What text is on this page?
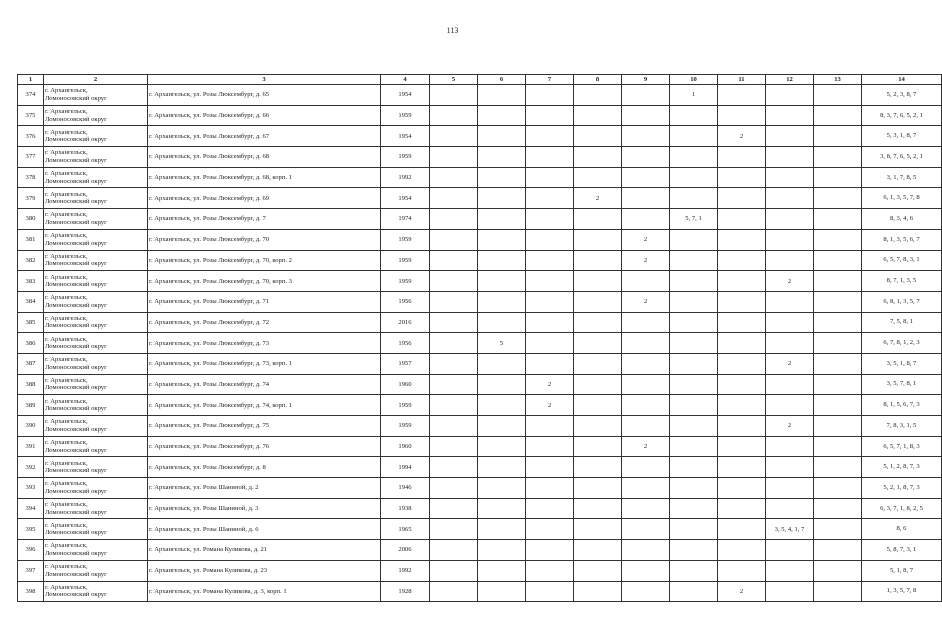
113
1	2	3	4	5	6	7	8	9	10	11	12	13	14
374	г. Архангельск,
Ломоносовский округ	г. Архангельск, ул. Розы Люксембург, д. 65	1954						1				5, 2, 3, 8, 7
375	г. Архангельск,
Ломоносовский округ	г. Архангельск, ул. Розы Люксембург, д. 66	1959										8, 3, 7, 6, 5, 2, 1
376	г. Архангельск,
Ломоносовский округ	г. Архангельск, ул. Розы Люксембург, д. 67	1954							2			5, 3, 1, 8, 7
377	г. Архангельск,
Ломоносовский округ	г. Архангельск, ул. Розы Люксембург, д. 68	1959										3, 8, 7, 6, 5, 2, 1
378	г. Архангельск,
Ломоносовский округ	г. Архангельск, ул. Розы Люксембург, д. 68, корп. 1	1992										3, 1, 7, 8, 5
379	г. Архангельск,
Ломоносовский округ	г. Архангельск, ул. Розы Люксембург, д. 69	1954				2						6, 1, 3, 5, 7, 8
380	г. Архангельск,
Ломоносовский округ	г. Архангельск, ул. Розы Люксембург, д. 7	1974						5, 7, 1				8, 3, 4, 6
381	г. Архангельск,
Ломоносовский округ	г. Архангельск, ул. Розы Люксембург, д. 70	1959					2					8, 1, 3, 5, 6, 7
382	г. Архангельск,
Ломоносовский округ	г. Архангельск, ул. Розы Люксембург, д. 70, корп. 2	1959					2					6, 5, 7, 8, 3, 1
383	г. Архангельск,
Ломоносовский округ	г. Архангельск, ул. Розы Люксембург, д. 70, корп. 3	1959								2		8, 7, 1, 3, 5
384	г. Архангельск,
Ломоносовский округ	г. Архангельск, ул. Розы Люксембург, д. 71	1956					2					6, 8, 1, 3, 5, 7
385	г. Архангельск,
Ломоносовский округ	г. Архангельск, ул. Розы Люксембург, д. 72	2016										7, 5, 8, 1
386	г. Архангельск,
Ломоносовский округ	г. Архангельск, ул. Розы Люксембург, д. 73	1956		5								6, 7, 8, 1, 2, 3
387	г. Архангельск,
Ломоносовский округ	г. Архангельск, ул. Розы Люксембург, д. 73, корп. 1	1957								2		3, 5, 1, 8, 7
388	г. Архангельск,
Ломоносовский округ	г. Архангельск, ул. Розы Люксембург, д. 74	1960			2							3, 5, 7, 8, 1
389	г. Архангельск,
Ломоносовский округ	г. Архангельск, ул. Розы Люксембург, д. 74, корп. 1	1959			2							8, 1, 5, 6, 7, 3
390	г. Архангельск,
Ломоносовский округ	г. Архангельск, ул. Розы Люксембург, д. 75	1959								2		7, 8, 3, 1, 5
391	г. Архангельск,
Ломоносовский округ	г. Архангельск, ул. Розы Люксембург, д. 76	1960					2					6, 5, 7, 1, 8, 3
392	г. Архангельск,
Ломоносовский округ	г. Архангельск, ул. Розы Люксембург, д. 8	1994										5, 1, 2, 8, 7, 3
393	г. Архангельск,
Ломоносовский округ	г. Архангельск, ул. Розы Шаниной, д. 2	1946										5, 2, 1, 8, 7, 3
394	г. Архангельск,
Ломоносовский округ	г. Архангельск, ул. Розы Шаниной, д. 3	1938										6, 3, 7, 1, 8, 2, 5
395	г. Архангельск,
Ломоносовский округ	г. Архангельск, ул. Розы Шаниной, д. 6	1965								3, 5, 4, 1, 7		8, 6
396	г. Архангельск,
Ломоносовский округ	г. Архангельск, ул. Романа Куликова, д. 21	2006										5, 8, 7, 3, 1
397	г. Архангельск,
Ломоносовский округ	г. Архангельск, ул. Романа Куликова, д. 23	1992										5, 1, 8, 7
398	г. Архангельск,
Ломоносовский округ	г. Архангельск, ул. Романа Куликова, д. 3, корп. 1	1928							2			1, 3, 5, 7, 8
